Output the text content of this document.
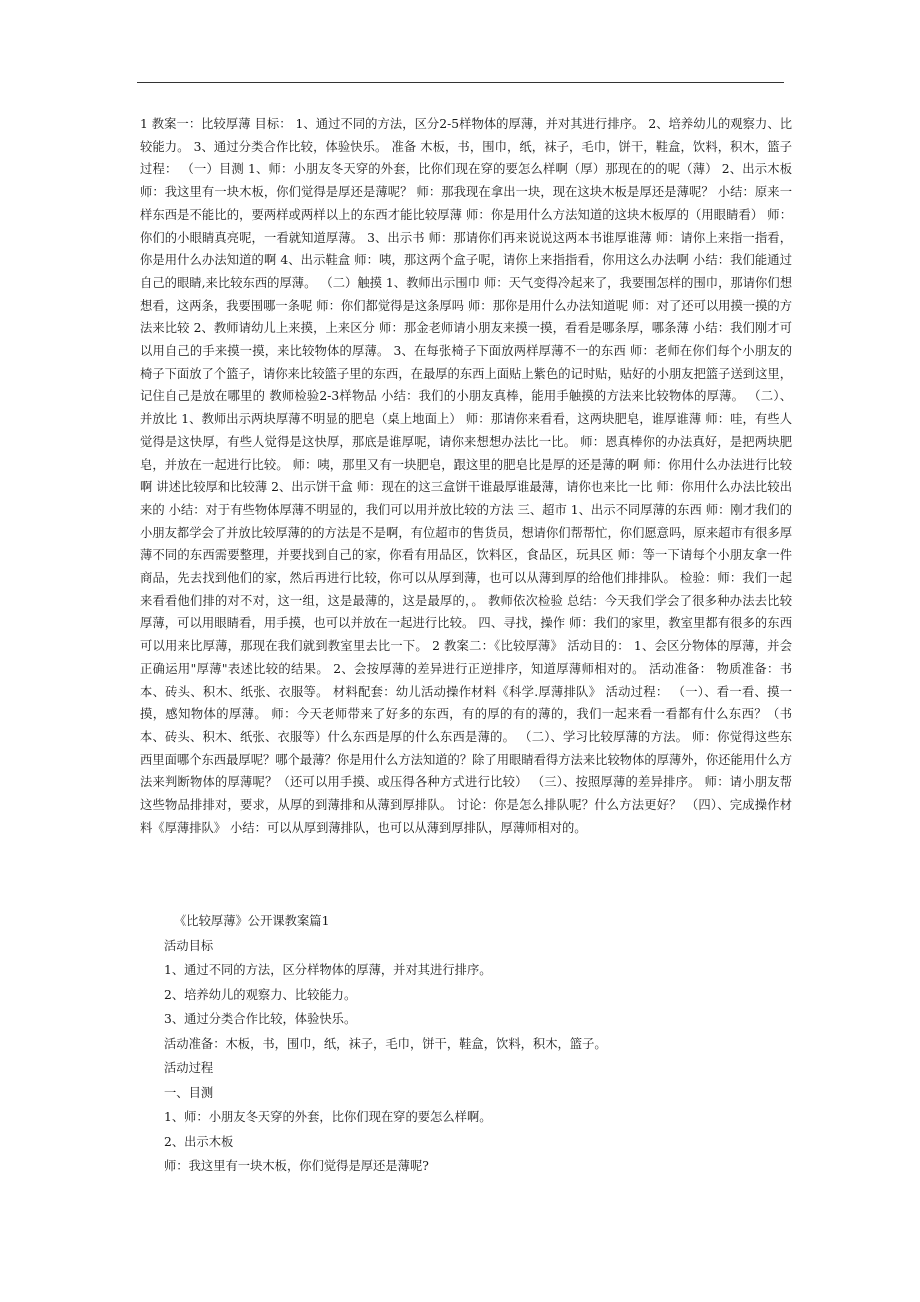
1 教案一：比较厚薄 目标： 1、通过不同的方法，区分2-5样物体的厚薄，并对其进行排序。 2、培养幼儿的观察力、比较能力。 3、通过分类合作比较，体验快乐。 准备 木板，书，围巾，纸，袜子，毛巾，饼干，鞋盒，饮料，积木，篮子 过程： （一）目测 1、师：小朋友冬天穿的外套，比你们现在穿的要怎么样啊（厚）那现在的的呢（薄） 2、出示木板 师：我这里有一块木板，你们觉得是厚还是薄呢？ 师：那我现在拿出一块，现在这块木板是厚还是薄呢？ 小结：原来一样东西是不能比的，要两样或两样以上的东西才能比较厚薄 师：你是用什么方法知道的这块木板厚的（用眼睛看） 师：你们的小眼睛真亮呢，一看就知道厚薄。 3、出示书 师：那请你们再来说说这两本书谁厚谁薄 师：请你上来指一指看，你是用什么办法知道的啊 4、出示鞋盒 师：咦，那这两个盒子呢，请你上来指指看，你用这么办法啊 小结：我们能通过自己的眼睛,来比较东西的厚薄。 （二）触摸 1、教师出示围巾 师：天气变得冷起来了，我要围怎样的围巾，那请你们想想看，这两条，我要围哪一条呢 师：你们都觉得是这条厚吗 师：那你是用什么办法知道呢 师：对了还可以用摸一摸的方法来比较 2、教师请幼儿上来摸，上来区分 师：那金老师请小朋友来摸一摸，看看是哪条厚，哪条薄 小结：我们刚才可以用自己的手来摸一摸，来比较物体的厚薄。 3、在每张椅子下面放两样厚薄不一的东西 师：老师在你们每个小朋友的椅子下面放了个篮子，请你来比较篮子里的东西，在最厚的东西上面贴上紫色的记时贴，贴好的小朋友把篮子送到这里，记住自己是放在哪里的 教师检验2-3样物品 小结：我们的小朋友真棒，能用手触摸的方法来比较物体的厚薄。 （二）、并放比 1、教师出示两块厚薄不明显的肥皂（桌上地面上） 师：那请你来看看，这两块肥皂，谁厚谁薄 师：哇，有些人觉得是这快厚，有些人觉得是这快厚，那底是谁厚呢，请你来想想办法比一比。 师：恩真棒你的办法真好，是把两块肥皂，并放在一起进行比较。 师：咦，那里又有一块肥皂，跟这里的肥皂比是厚的还是薄的啊 师：你用什么办法进行比较啊 讲述比较厚和比较薄 2、出示饼干盒 师：现在的这三盒饼干谁最厚谁最薄，请你也来比一比 师：你用什么办法比较出来的 小结：对于有些物体厚薄不明显的，我们可以用并放比较的方法 三、超市 1、出示不同厚薄的东西 师：刚才我们的小朋友都学会了并放比较厚薄的的方法是不是啊，有位超市的售货员，想请你们帮帮忙，你们愿意吗，原来超市有很多厚薄不同的东西需要整理，并要找到自己的家，你看有用品区，饮料区，食品区，玩具区 师：等一下请每个小朋友拿一件商品，先去找到他们的家，然后再进行比较，你可以从厚到薄，也可以从薄到厚的给他们排排队。 检验：师：我们一起来看看他们排的对不对，这一组，这是最薄的，这是最厚的，。 教师依次检验 总结：今天我们学会了很多种办法去比较厚薄，可以用眼睛看，用手摸，也可以并放在一起进行比较。 四、寻找，操作 师：我们的家里，教室里都有很多的东西可以用来比厚薄，那现在我们就到教室里去比一下。 2 教案二：《比较厚薄》 活动目的： 1、会区分物体的厚薄，并会正确运用"厚薄"表述比较的结果。 2、会按厚薄的差异进行正逆排序，知道厚薄师相对的。 活动准备： 物质准备：书本、砖头、积木、纸张、衣服等。 材料配套：幼儿活动操作材料《科学.厚薄排队》 活动过程： （一）、看一看、摸一摸，感知物体的厚薄。 师：今天老师带来了好多的东西，有的厚的有的薄的，我们一起来看一看都有什么东西？（书本、砖头、积木、纸张、衣服等）什么东西是厚的什么东西是薄的。 （二）、学习比较厚薄的方法。 师：你觉得这些东西里面哪个东西最厚呢？哪个最薄？你是用什么方法知道的？除了用眼睛看得方法来比较物体的厚薄外，你还能用什么方法来判断物体的厚薄呢？（还可以用手摸、或压得各种方式进行比较） （三）、按照厚薄的差异排序。 师：请小朋友帮这些物品排排对，要求，从厚的到薄排和从薄到厚排队。 讨论：你是怎么排队呢？什么方法更好？ （四）、完成操作材料《厚薄排队》 小结：可以从厚到薄排队，也可以从薄到厚排队，厚薄师相对的。

《比较厚薄》公开课教案篇1
活动目标
1、通过不同的方法，区分样物体的厚薄，并对其进行排序。
2、培养幼儿的观察力、比较能力。
3、通过分类合作比较，体验快乐。
活动准备：木板，书，围巾，纸，袜子，毛巾，饼干，鞋盒，饮料，积木，篮子。
活动过程
一、目测
1、师：小朋友冬天穿的外套，比你们现在穿的要怎么样啊。
2、出示木板
师：我这里有一块木板，你们觉得是厚还是薄呢?
